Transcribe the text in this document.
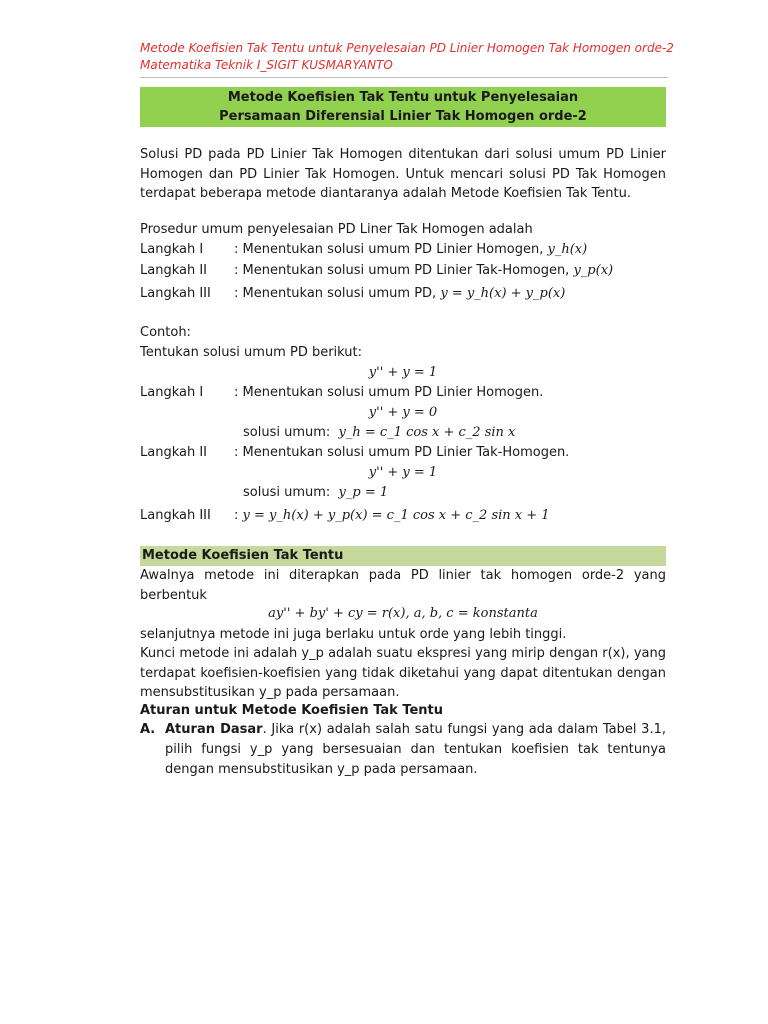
Metode Koefisien Tak Tentu untuk Penyelesaian PD Linier Homogen Tak Homogen orde-2
Matematika Teknik I_SIGIT KUSMARYANTO
Metode Koefisien Tak Tentu untuk Penyelesaian
Persamaan Diferensial Linier Tak Homogen orde-2
Solusi PD pada PD Linier Tak Homogen ditentukan dari solusi umum PD Linier
Homogen dan PD Linier Tak Homogen. Untuk mencari solusi PD Tak Homogen
terdapat beberapa metode diantaranya adalah Metode Koefisien Tak Tentu.
Prosedur umum penyelesaian PD Liner Tak Homogen adalah
Langkah I : Menentukan solusi umum PD Linier Homogen, y_h(x)
Langkah II : Menentukan solusi umum PD Linier Tak-Homogen, y_p(x)
Langkah III : Menentukan solusi umum PD, y = y_h(x) + y_p(x)
Contoh:
Tentukan solusi umum PD berikut:
y'' + y = 1
Langkah I : Menentukan solusi umum PD Linier Homogen.
y'' + y = 0
solusi umum: y_h = c_1 cos x + c_2 sin x
Langkah II : Menentukan solusi umum PD Linier Tak-Homogen.
y'' + y = 1
solusi umum: y_p = 1
Langkah III : y = y_h(x) + y_p(x) = c_1 cos x + c_2 sin x + 1
Metode Koefisien Tak Tentu
Awalnya metode ini diterapkan pada PD linier tak homogen orde-2 yang
berbentuk
ay'' + by' + cy = r(x), a, b, c = konstanta
selanjutnya metode ini juga berlaku untuk orde yang lebih tinggi.
Kunci metode ini adalah y_p adalah suatu ekspresi yang mirip dengan r(x), yang
terdapat koefisien-koefisien yang tidak diketahui yang dapat ditentukan dengan
mensubstitusikan y_p pada persamaan.
Aturan untuk Metode Koefisien Tak Tentu
A. Aturan Dasar. Jika r(x) adalah salah satu fungsi yang ada dalam Tabel 3.1, pilih fungsi y_p yang bersesuaian dan tentukan koefisien tak tentunya dengan mensubstitusikan y_p pada persamaan.
